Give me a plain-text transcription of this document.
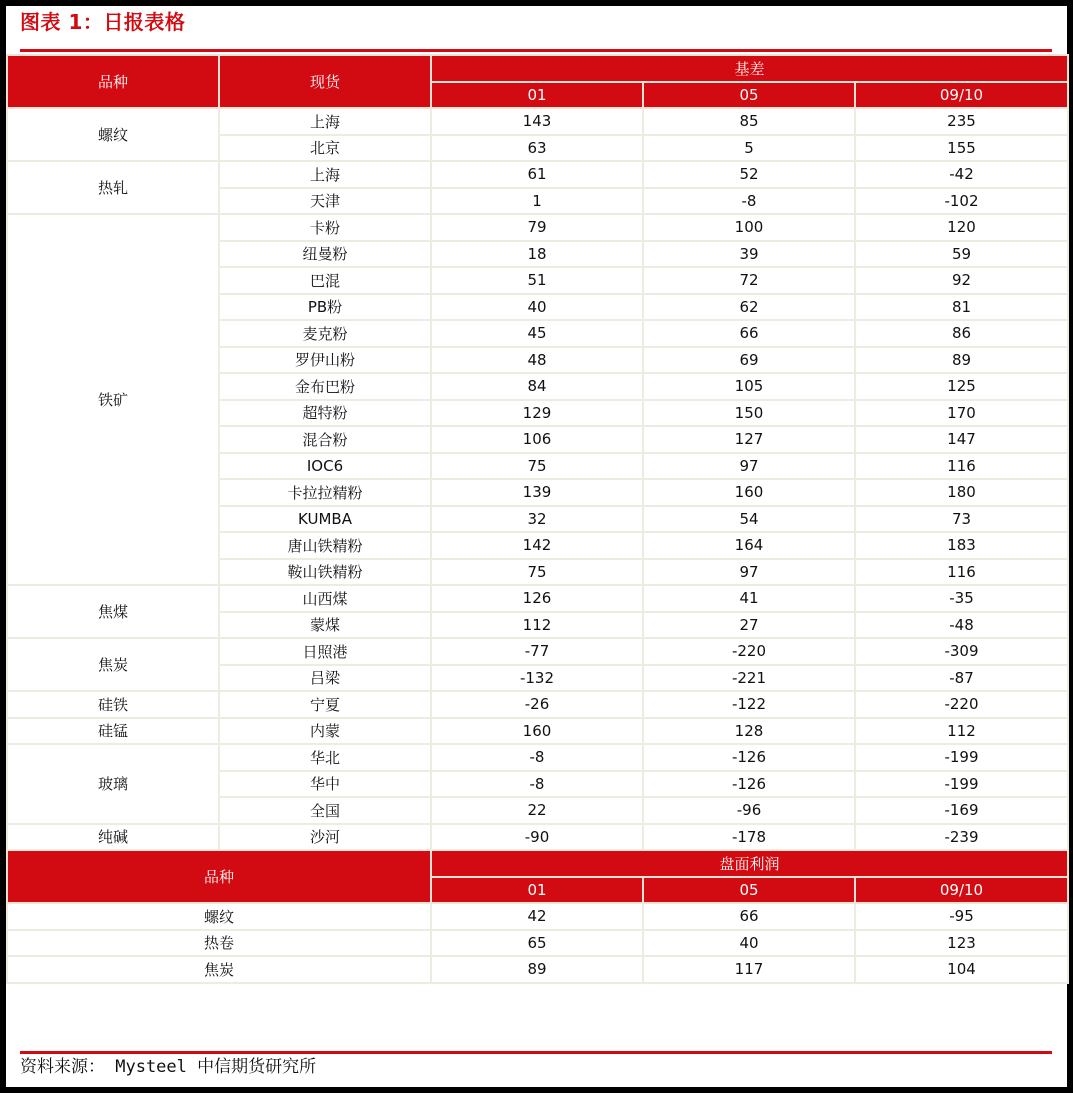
图表 1：日报表格
品种	现货	基差		
		01	05	09/10
螺纹	上海	143	85	235
	北京	63	5	155
热轧	上海	61	52	-42
	天津	1	-8	-102
铁矿	卡粉	79	100	120
	纽曼粉	18	39	59
	巴混	51	72	92
	PB粉	40	62	81
	麦克粉	45	66	86
	罗伊山粉	48	69	89
	金布巴粉	84	105	125
	超特粉	129	150	170
	混合粉	106	127	147
	IOC6	75	97	116
	卡拉拉精粉	139	160	180
	KUMBA	32	54	73
	唐山铁精粉	142	164	183
	鞍山铁精粉	75	97	116
焦煤	山西煤	126	41	-35
	蒙煤	112	27	-48
焦炭	日照港	-77	-220	-309
	吕梁	-132	-221	-87
硅铁	宁夏	-26	-122	-220
硅锰	内蒙	160	128	112
玻璃	华北	-8	-126	-199
	华中	-8	-126	-199
	全国	22	-96	-169
纯碱	沙河	-90	-178	-239
品种		盘面利润		
		01	05	09/10
螺纹		42	66	-95
热卷		65	40	123
焦炭		89	117	104
资料来源： Mysteel 中信期货研究所
